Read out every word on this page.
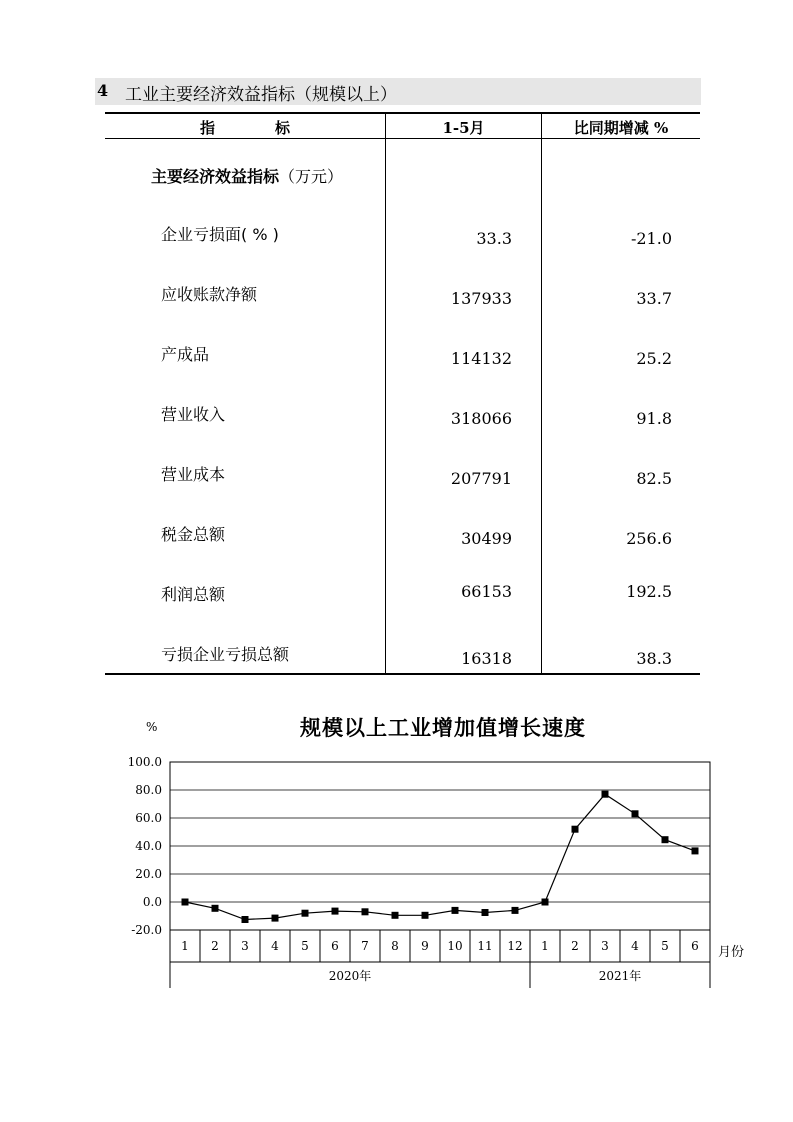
4 工业主要经济效益指标（规模以上）
指　　　　标	1-5月	比同期增减 %
主要经济效益指标（万元）
企业亏损面( % )	33.3	-21.0
应收账款净额	137933	33.7
产成品	114132	25.2
营业收入	318066	91.8
营业成本	207791	82.5
税金总额	30499	256.6
利润总额	66153	192.5
亏损企业亏损总额	16318	38.3
规模以上工业增加值增长速度
%
100.0
80.0
60.0
40.0
20.0
0.0
-20.0
2020年	2021年
1 2 3 4 5 6 7 8 9 10 11 12 1 2 3 4 5 6 月份
